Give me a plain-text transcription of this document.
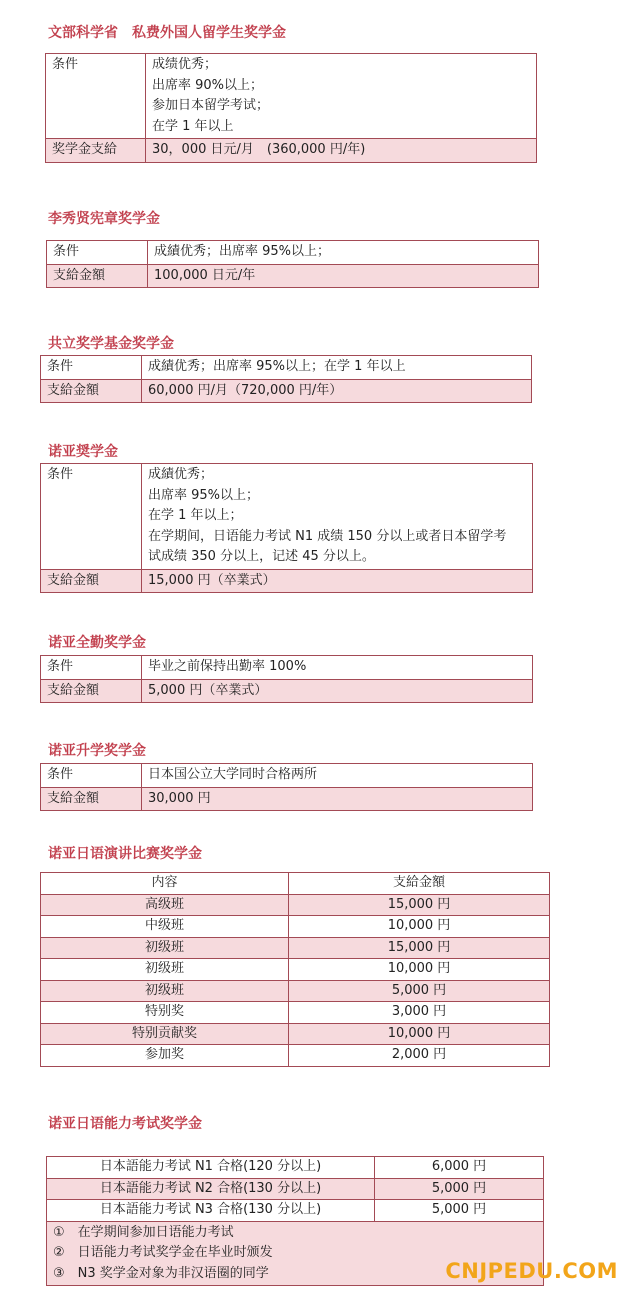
文部科学省　私费外国人留学生奖学金
条件	成绩优秀；
出席率 90%以上；
参加日本留学考试；
在学 1 年以上

奖学金支給	30，000 日元/月　(360,000 円/年)
李秀贤宪章奖学金
条件	成績优秀；出席率 95%以上；
支給金額	100,000 日元/年
共立奖学基金奖学金
条件	成績优秀；出席率 95%以上；在学 1 年以上
支給金額	60,000 円/月（720,000 円/年）
诺亚奨学金
条件	成績优秀；
出席率 95%以上；
在学 1 年以上；
在学期间，日语能力考试 N1 成绩 150 分以上或者日本留学考
试成绩 350 分以上，记述 45 分以上。

支給金額	15,000 円（卒業式）
诺亚全勤奖学金
条件	毕业之前保持出勤率 100%
支給金額	5,000 円（卒業式）
诺亚升学奖学金
条件	日本国公立大学同时合格两所
支給金額	30,000 円
诺亚日语演讲比赛奖学金
内容	支給金額
高级班	15,000 円
中级班	10,000 円
初级班	15,000 円
初级班	10,000 円
初级班	5,000 円
特别奖	3,000 円
特别贡献奖	10,000 円
参加奖	2,000 円
诺亚日语能力考试奖学金
日本語能力考试 N1 合格(120 分以上)	6,000 円
日本語能力考试 N2 合格(130 分以上)	5,000 円
日本語能力考试 N3 合格(130 分以上)	5,000 円

①　在学期间参加日语能力考试
②　日语能力考试奖学金在毕业时颁发
③　N3 奖学金对象为非汉语圈的同学		CNJPEDU.COM
